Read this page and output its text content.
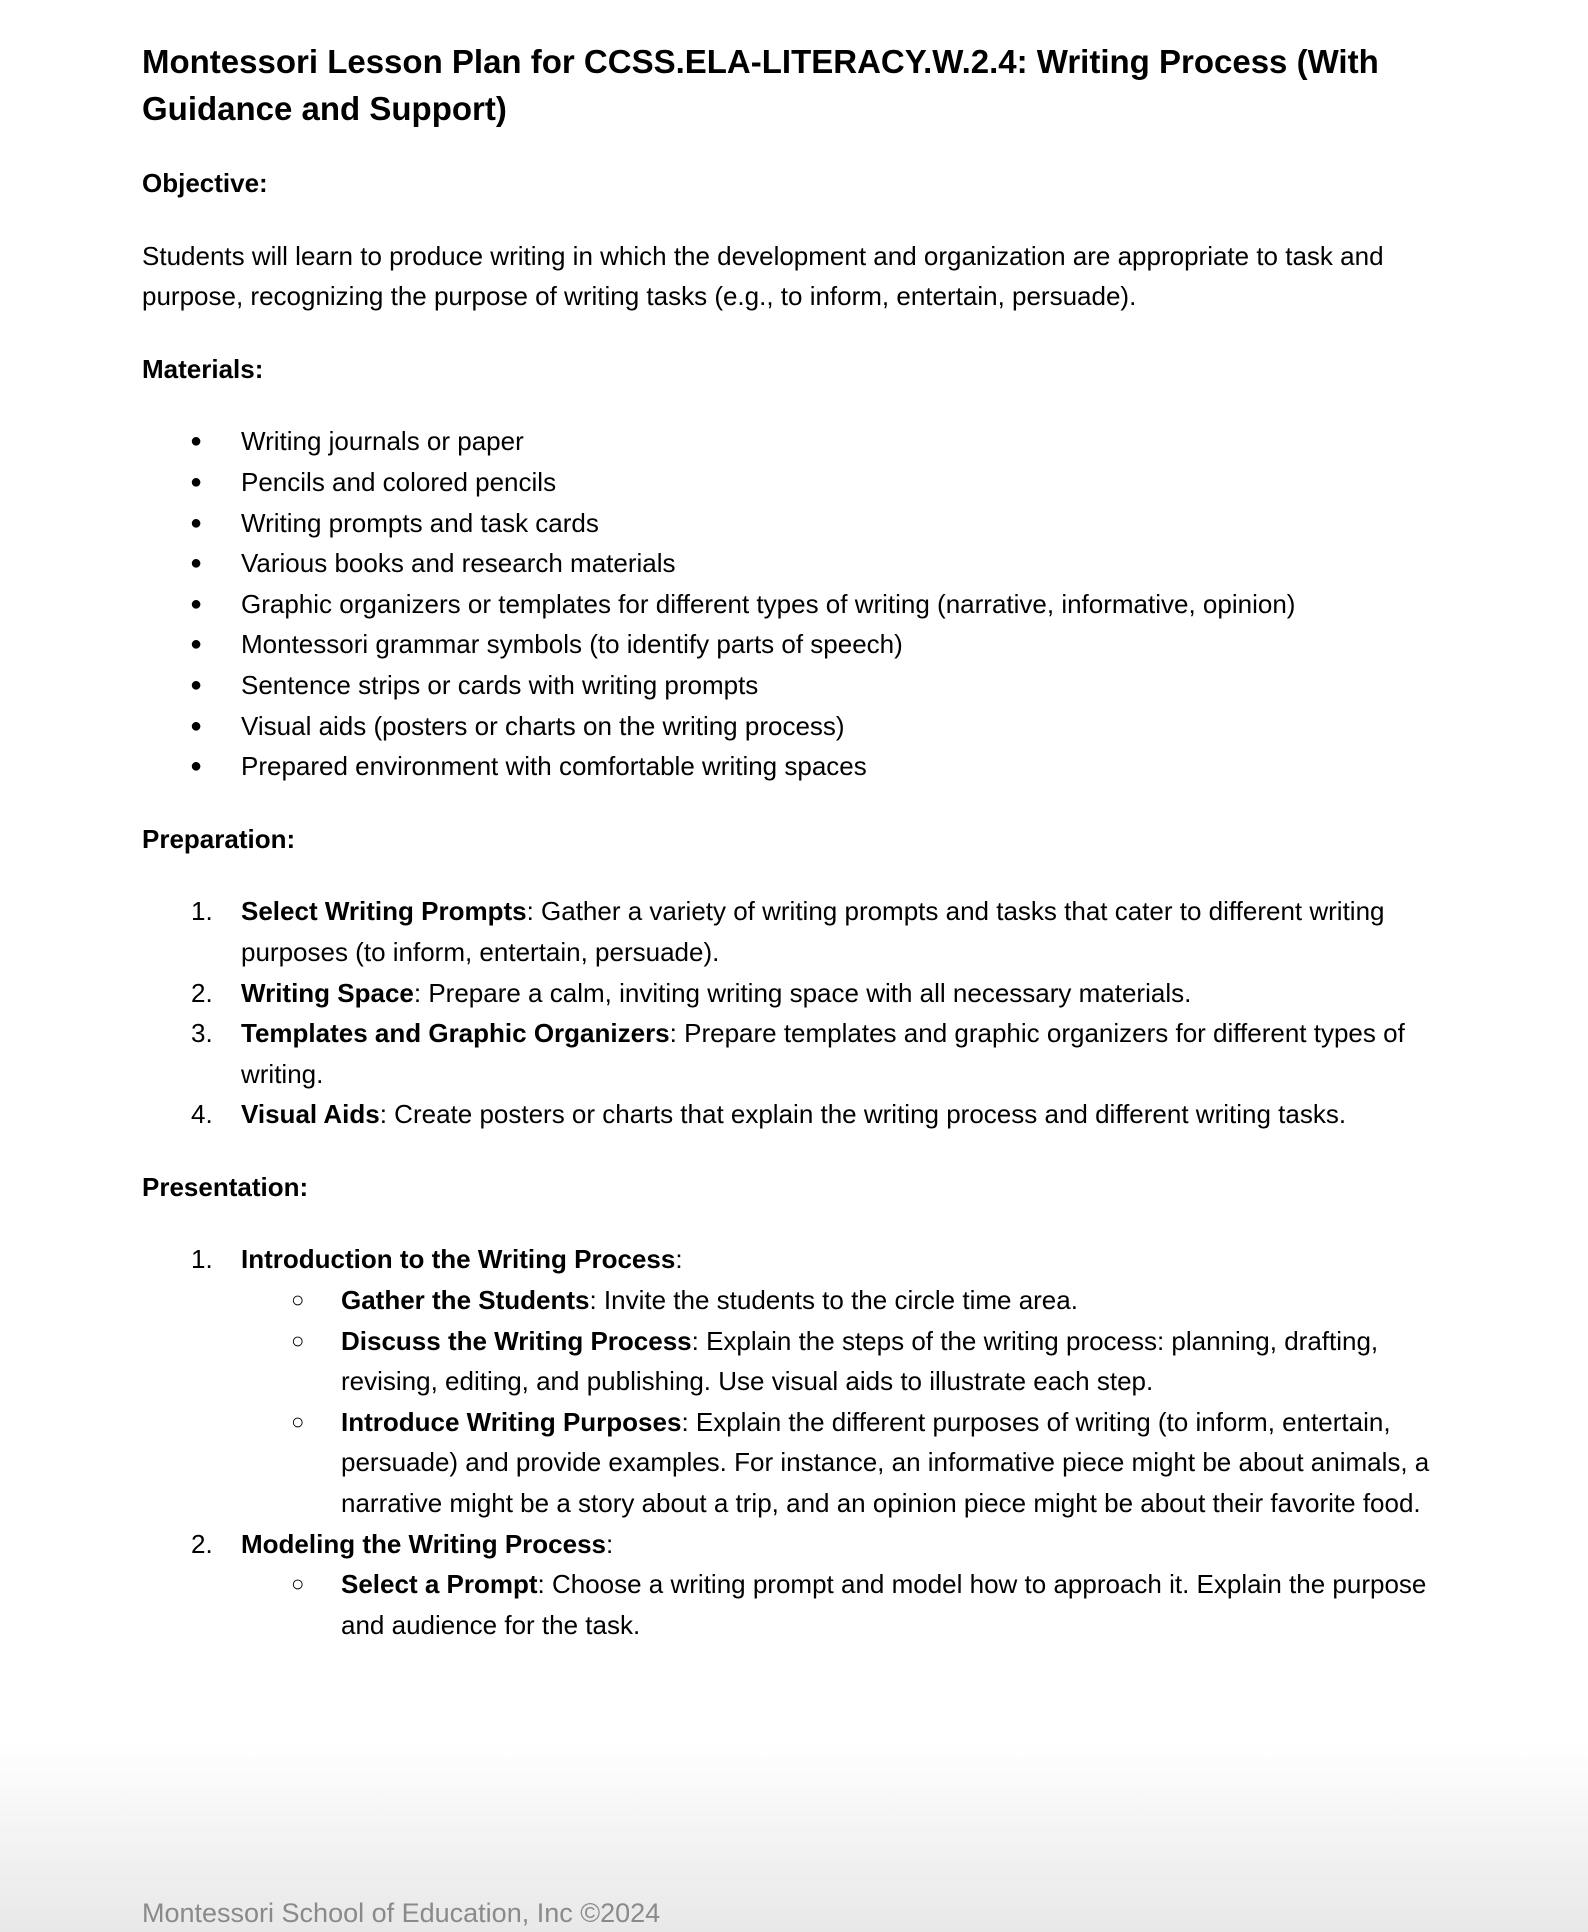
Montessori Lesson Plan for CCSS.ELA-LITERACY.W.2.4: Writing Process (With Guidance and Support)
Objective:

Students will learn to produce writing in which the development and organization are appropriate to task and purpose, recognizing the purpose of writing tasks (e.g., to inform, entertain, persuade).

Materials:
● Writing journals or paper
● Pencils and colored pencils
● Writing prompts and task cards
● Various books and research materials
● Graphic organizers or templates for different types of writing (narrative, informative, opinion)
● Montessori grammar symbols (to identify parts of speech)
● Sentence strips or cards with writing prompts
● Visual aids (posters or charts on the writing process)
● Prepared environment with comfortable writing spaces
Preparation:
1. Select Writing Prompts: Gather a variety of writing prompts and tasks that cater to different writing purposes (to inform, entertain, persuade).
2. Writing Space: Prepare a calm, inviting writing space with all necessary materials.
3. Templates and Graphic Organizers: Prepare templates and graphic organizers for different types of writing.
4. Visual Aids: Create posters or charts that explain the writing process and different writing tasks.
Presentation:
1. Introduction to the Writing Process:
○ Gather the Students: Invite the students to the circle time area.
○ Discuss the Writing Process: Explain the steps of the writing process: planning, drafting, revising, editing, and publishing. Use visual aids to illustrate each step.
○ Introduce Writing Purposes: Explain the different purposes of writing (to inform, entertain, persuade) and provide examples. For instance, an informative piece might be about animals, a narrative might be a story about a trip, and an opinion piece might be about their favorite food.
2. Modeling the Writing Process:
○ Select a Prompt: Choose a writing prompt and model how to approach it. Explain the purpose and audience for the task.
Montessori School of Education, Inc ©2024
